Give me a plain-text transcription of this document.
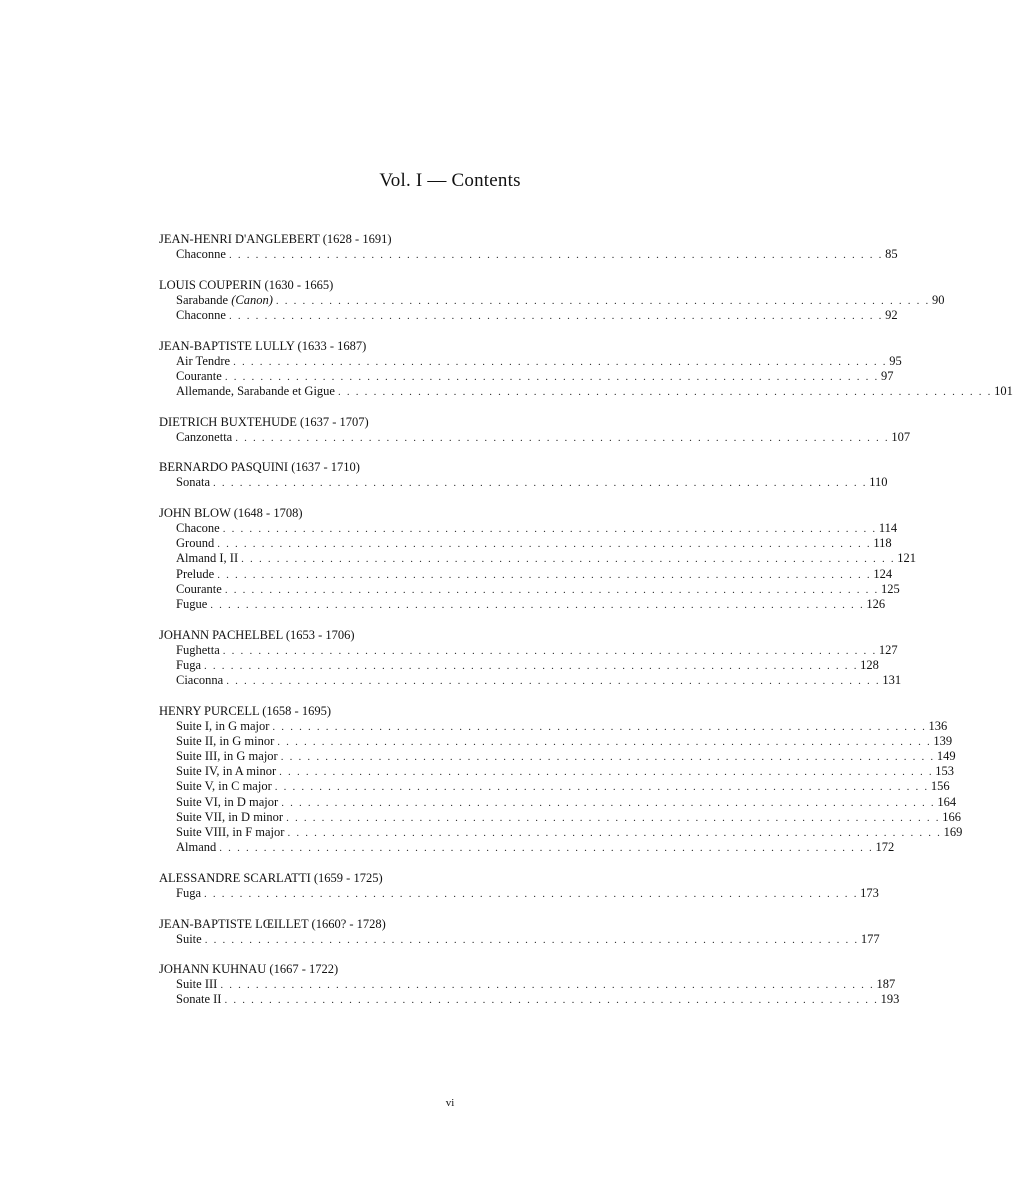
Vol. I — Contents
JEAN-HENRI D'ANGLEBERT (1628 - 1691)
Chaconne . . . . . . . . . . . . . . . . . . . . . . . . . . . . . . . . . . . . . . . . . . . . . . . . . . . . . . . . . . . . . . . . . . . . . . . . . . 85
LOUIS COUPERIN (1630 - 1665)
Sarabande (Canon) . . . . . . . . . . . . . . . . . . . . . . . . . . . . . . . . . . . . . . . . . . . . . . . . . . . . . . . . . . . . . . . . . . . . . . . . . . 90
Chaconne . . . . . . . . . . . . . . . . . . . . . . . . . . . . . . . . . . . . . . . . . . . . . . . . . . . . . . . . . . . . . . . . . . . . . . . . . . 92
JEAN-BAPTISTE LULLY (1633 - 1687)
Air Tendre . . . . . . . . . . . . . . . . . . . . . . . . . . . . . . . . . . . . . . . . . . . . . . . . . . . . . . . . . . . . . . . . . . . . . . . . . . 95
Courante . . . . . . . . . . . . . . . . . . . . . . . . . . . . . . . . . . . . . . . . . . . . . . . . . . . . . . . . . . . . . . . . . . . . . . . . . . 97
Allemande, Sarabande et Gigue . . . . . . . . . . . . . . . . . . . . . . . . . . . . . . . . . . . . . . . . . . . . . . . . . . . . . . . . . . . . . . . . . . . . . . . . . . 101
DIETRICH BUXTEHUDE (1637 - 1707)
Canzonetta . . . . . . . . . . . . . . . . . . . . . . . . . . . . . . . . . . . . . . . . . . . . . . . . . . . . . . . . . . . . . . . . . . . . . . . . . . 107
BERNARDO PASQUINI (1637 - 1710)
Sonata . . . . . . . . . . . . . . . . . . . . . . . . . . . . . . . . . . . . . . . . . . . . . . . . . . . . . . . . . . . . . . . . . . . . . . . . . . 110
JOHN BLOW (1648 - 1708)
Chacone . . . . . . . . . . . . . . . . . . . . . . . . . . . . . . . . . . . . . . . . . . . . . . . . . . . . . . . . . . . . . . . . . . . . . . . . . . 114
Ground . . . . . . . . . . . . . . . . . . . . . . . . . . . . . . . . . . . . . . . . . . . . . . . . . . . . . . . . . . . . . . . . . . . . . . . . . . 118
Almand I, II . . . . . . . . . . . . . . . . . . . . . . . . . . . . . . . . . . . . . . . . . . . . . . . . . . . . . . . . . . . . . . . . . . . . . . . . . . 121
Prelude . . . . . . . . . . . . . . . . . . . . . . . . . . . . . . . . . . . . . . . . . . . . . . . . . . . . . . . . . . . . . . . . . . . . . . . . . . 124
Courante . . . . . . . . . . . . . . . . . . . . . . . . . . . . . . . . . . . . . . . . . . . . . . . . . . . . . . . . . . . . . . . . . . . . . . . . . . 125
Fugue . . . . . . . . . . . . . . . . . . . . . . . . . . . . . . . . . . . . . . . . . . . . . . . . . . . . . . . . . . . . . . . . . . . . . . . . . . 126
JOHANN PACHELBEL (1653 - 1706)
Fughetta . . . . . . . . . . . . . . . . . . . . . . . . . . . . . . . . . . . . . . . . . . . . . . . . . . . . . . . . . . . . . . . . . . . . . . . . . . 127
Fuga . . . . . . . . . . . . . . . . . . . . . . . . . . . . . . . . . . . . . . . . . . . . . . . . . . . . . . . . . . . . . . . . . . . . . . . . . . 128
Ciaconna . . . . . . . . . . . . . . . . . . . . . . . . . . . . . . . . . . . . . . . . . . . . . . . . . . . . . . . . . . . . . . . . . . . . . . . . . . 131
HENRY PURCELL (1658 - 1695)
Suite I, in G major . . . . . . . . . . . . . . . . . . . . . . . . . . . . . . . . . . . . . . . . . . . . . . . . . . . . . . . . . . . . . . . . . . . . . . . . . . 136
Suite II, in G minor . . . . . . . . . . . . . . . . . . . . . . . . . . . . . . . . . . . . . . . . . . . . . . . . . . . . . . . . . . . . . . . . . . . . . . . . . . 139
Suite III, in G major . . . . . . . . . . . . . . . . . . . . . . . . . . . . . . . . . . . . . . . . . . . . . . . . . . . . . . . . . . . . . . . . . . . . . . . . . . 149
Suite IV, in A minor . . . . . . . . . . . . . . . . . . . . . . . . . . . . . . . . . . . . . . . . . . . . . . . . . . . . . . . . . . . . . . . . . . . . . . . . . . 153
Suite V, in C major . . . . . . . . . . . . . . . . . . . . . . . . . . . . . . . . . . . . . . . . . . . . . . . . . . . . . . . . . . . . . . . . . . . . . . . . . . 156
Suite VI, in D major . . . . . . . . . . . . . . . . . . . . . . . . . . . . . . . . . . . . . . . . . . . . . . . . . . . . . . . . . . . . . . . . . . . . . . . . . . 164
Suite VII, in D minor . . . . . . . . . . . . . . . . . . . . . . . . . . . . . . . . . . . . . . . . . . . . . . . . . . . . . . . . . . . . . . . . . . . . . . . . . . 166
Suite VIII, in F major . . . . . . . . . . . . . . . . . . . . . . . . . . . . . . . . . . . . . . . . . . . . . . . . . . . . . . . . . . . . . . . . . . . . . . . . . . 169
Almand . . . . . . . . . . . . . . . . . . . . . . . . . . . . . . . . . . . . . . . . . . . . . . . . . . . . . . . . . . . . . . . . . . . . . . . . . . 172
ALESSANDRE SCARLATTI (1659 - 1725)
Fuga . . . . . . . . . . . . . . . . . . . . . . . . . . . . . . . . . . . . . . . . . . . . . . . . . . . . . . . . . . . . . . . . . . . . . . . . . . 173
JEAN-BAPTISTE LŒILLET (1660? - 1728)
Suite . . . . . . . . . . . . . . . . . . . . . . . . . . . . . . . . . . . . . . . . . . . . . . . . . . . . . . . . . . . . . . . . . . . . . . . . . . 177
JOHANN KUHNAU (1667 - 1722)
Suite III . . . . . . . . . . . . . . . . . . . . . . . . . . . . . . . . . . . . . . . . . . . . . . . . . . . . . . . . . . . . . . . . . . . . . . . . . . 187
Sonate II . . . . . . . . . . . . . . . . . . . . . . . . . . . . . . . . . . . . . . . . . . . . . . . . . . . . . . . . . . . . . . . . . . . . . . . . . . 193
vi
